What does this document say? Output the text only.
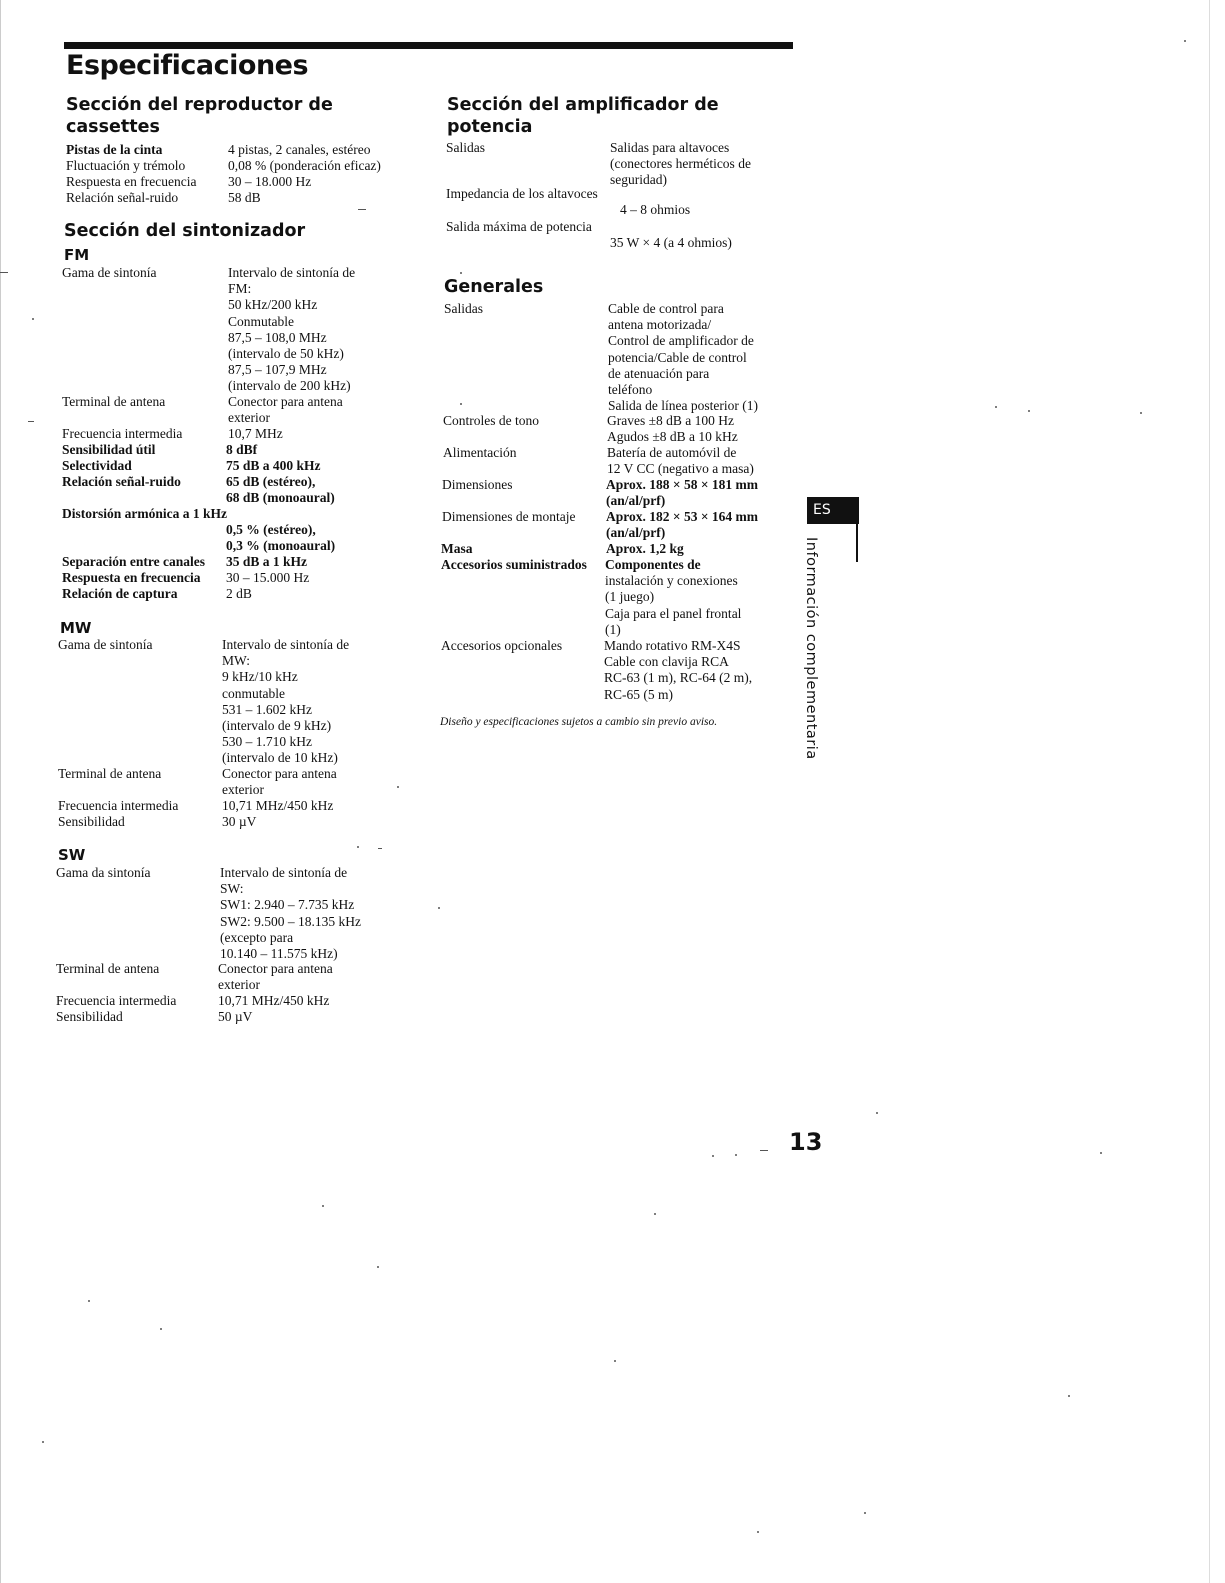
Especificaciones
Sección del reproductor de
cassettes
Pistas de la cinta	4 pistas, 2 canales, estéreo
Fluctuación y trémolo	0,08 % (ponderación eficaz)
Respuesta en frecuencia 30 – 18.000 Hz
Relación señal-ruido	58 dB
Sección del sintonizador
FM
Gama de sintonía	Intervalo de sintonía de
FM:
50 kHz/200 kHz
Conmutable
87,5 – 108,0 MHz
(intervalo de 50 kHz)
87,5 – 107,9 MHz
(intervalo de 200 kHz)
Terminal de antena	Conector para antena
exterior
Frecuencia intermedia	10,7 MHz
Sensibilidad útil	8 dBf
Selectividad	75 dB a 400 kHz
Relación señal-ruido	65 dB (estéreo),
68 dB (monoaural)
Distorsión armónica a 1 kHz
0,5 % (estéreo),
0,3 % (monoaural)
Separación entre canales 35 dB a 1 kHz
Respuesta en frecuencia 30 – 15.000 Hz
Relación de captura	2 dB
MW
Gama de sintonía	Intervalo de sintonía de
MW:
9 kHz/10 kHz
conmutable
531 – 1.602 kHz
(intervalo de 9 kHz)
530 – 1.710 kHz
(intervalo de 10 kHz)
Terminal de antena	Conector para antena
exterior
Frecuencia intermedia	10,71 MHz/450 kHz
Sensibilidad	30 µV
SW
Gama da sintonía	Intervalo de sintonía de
SW:
SW1: 2.940 – 7.735 kHz
SW2: 9.500 – 18.135 kHz
(excepto para
10.140 – 11.575 kHz)
Terminal de antena	Conector para antena
exterior
Frecuencia intermedia	10,71 MHz/450 kHz
Sensibilidad	50 µV
Sección del amplificador de
potencia
Salidas	Salidas para altavoces
(conectores herméticos de
seguridad)
Impedancia de los altavoces
4 – 8 ohmios
Salida máxima de potencia
35 W × 4 (a 4 ohmios)
Generales
Salidas	Cable de control para
antena motorizada/
Control de amplificador de
potencia/Cable de control
de atenuación para
teléfono
Salida de línea posterior (1)
Controles de tono	Graves ±8 dB a 100 Hz
Agudos ±8 dB a 10 kHz
Alimentación	Batería de automóvil de
12 V CC (negativo a masa)
Dimensiones	Aprox. 188 × 58 × 181 mm
(an/al/prf)
Dimensiones de montaje Aprox. 182 × 53 × 164 mm
(an/al/prf)
Masa	Aprox. 1,2 kg
Accesorios suministrados Componentes de
instalación y conexiones
(1 juego)
Caja para el panel frontal
(1)
Accesorios opcionales	Mando rotativo RM-X4S
Cable con clavija RCA
RC-63 (1 m), RC-64 (2 m),
RC-65 (5 m)

Diseño y especificaciones sujetos a cambio sin previo aviso.

ES
Información complementaria

13
